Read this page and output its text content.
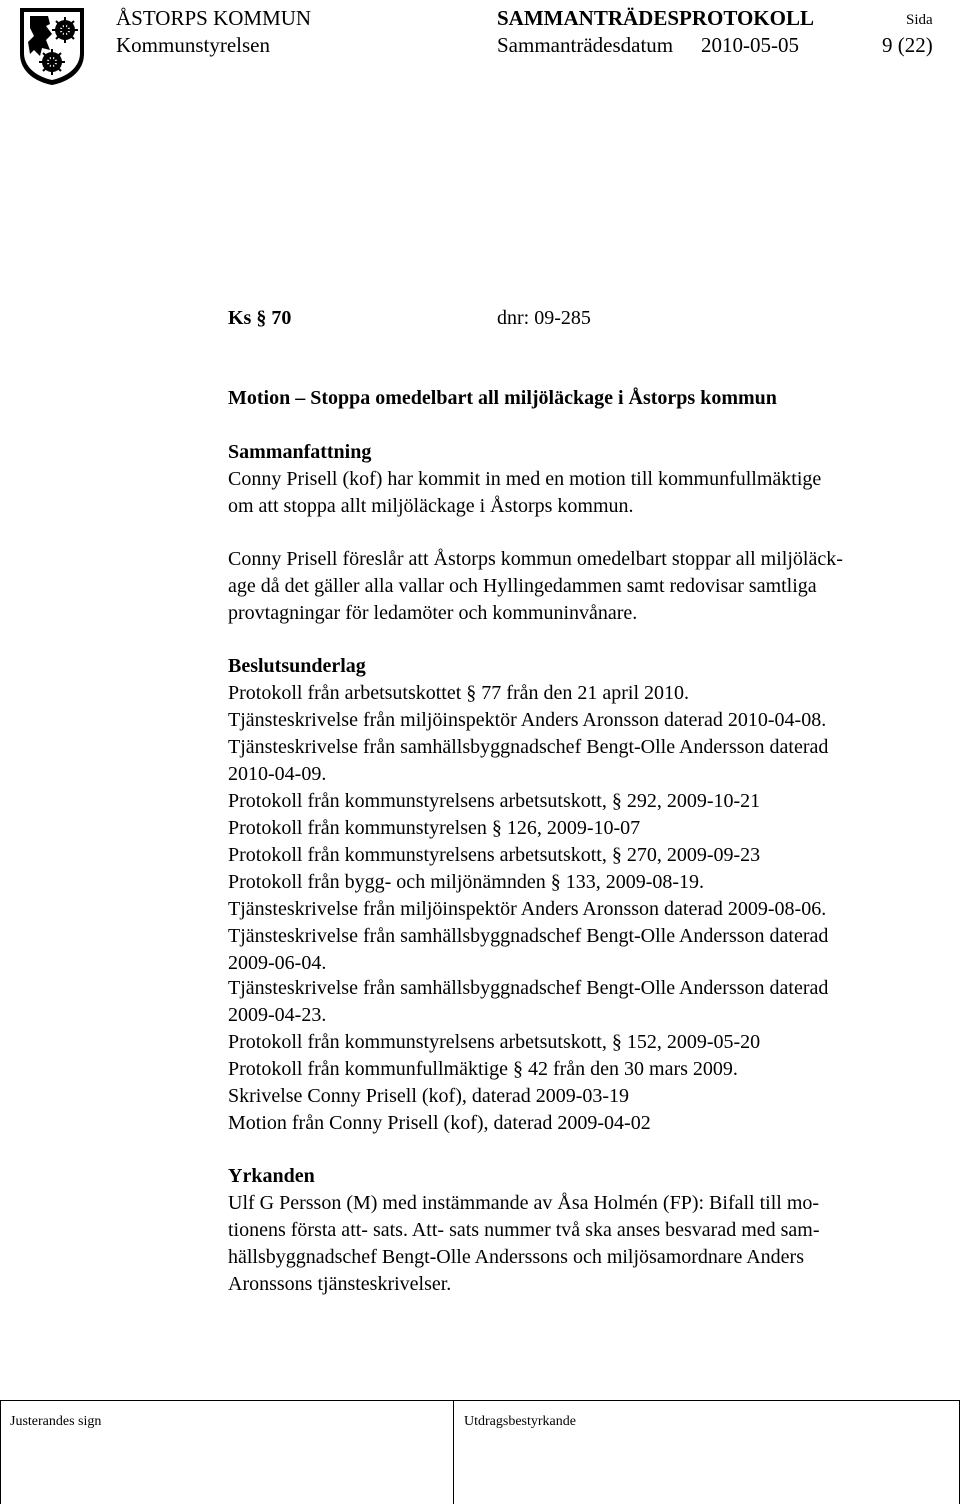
ÅSTORPS KOMMUN	SAMMANTRÄDESPROTOKOLL	Sida
Kommunstyrelsen	Sammanträdesdatum 2010-05-05	9 (22)
Ks § 70	dnr: 09-285
Motion – Stoppa omedelbart all miljöläckage i Åstorps kommun
Sammanfattning
Conny Prisell (kof) har kommit in med en motion till kommunfullmäktige
om att stoppa allt miljöläckage i Åstorps kommun.
Conny Prisell föreslår att Åstorps kommun omedelbart stoppar all miljöläck-
age då det gäller alla vallar och Hyllingedammen samt redovisar samtliga
provtagningar för ledamöter och kommuninvånare.
Beslutsunderlag
Protokoll från arbetsutskottet § 77 från den 21 april 2010.
Tjänsteskrivelse från miljöinspektör Anders Aronsson daterad 2010-04-08.
Tjänsteskrivelse från samhällsbyggnadschef Bengt-Olle Andersson daterad
2010-04-09.
Protokoll från kommunstyrelsens arbetsutskott, § 292, 2009-10-21
Protokoll från kommunstyrelsen § 126, 2009-10-07
Protokoll från kommunstyrelsens arbetsutskott, § 270, 2009-09-23
Protokoll från bygg- och miljönämnden § 133, 2009-08-19.
Tjänsteskrivelse från miljöinspektör Anders Aronsson daterad 2009-08-06.
Tjänsteskrivelse från samhällsbyggnadschef Bengt-Olle Andersson daterad
2009-06-04.
Tjänsteskrivelse från samhällsbyggnadschef Bengt-Olle Andersson daterad
2009-04-23.
Protokoll från kommunstyrelsens arbetsutskott, § 152, 2009-05-20
Protokoll från kommunfullmäktige § 42 från den 30 mars 2009.
Skrivelse Conny Prisell (kof), daterad 2009-03-19
Motion från Conny Prisell (kof), daterad 2009-04-02
Yrkanden
Ulf G Persson (M) med instämmande av Åsa Holmén (FP): Bifall till mo-
tionens första att- sats. Att- sats nummer två ska anses besvarad med sam-
hällsbyggnadschef Bengt-Olle Anderssons och miljösamordnare Anders
Aronssons tjänsteskrivelser.
Justerandes sign	Utdragsbestyrkande
